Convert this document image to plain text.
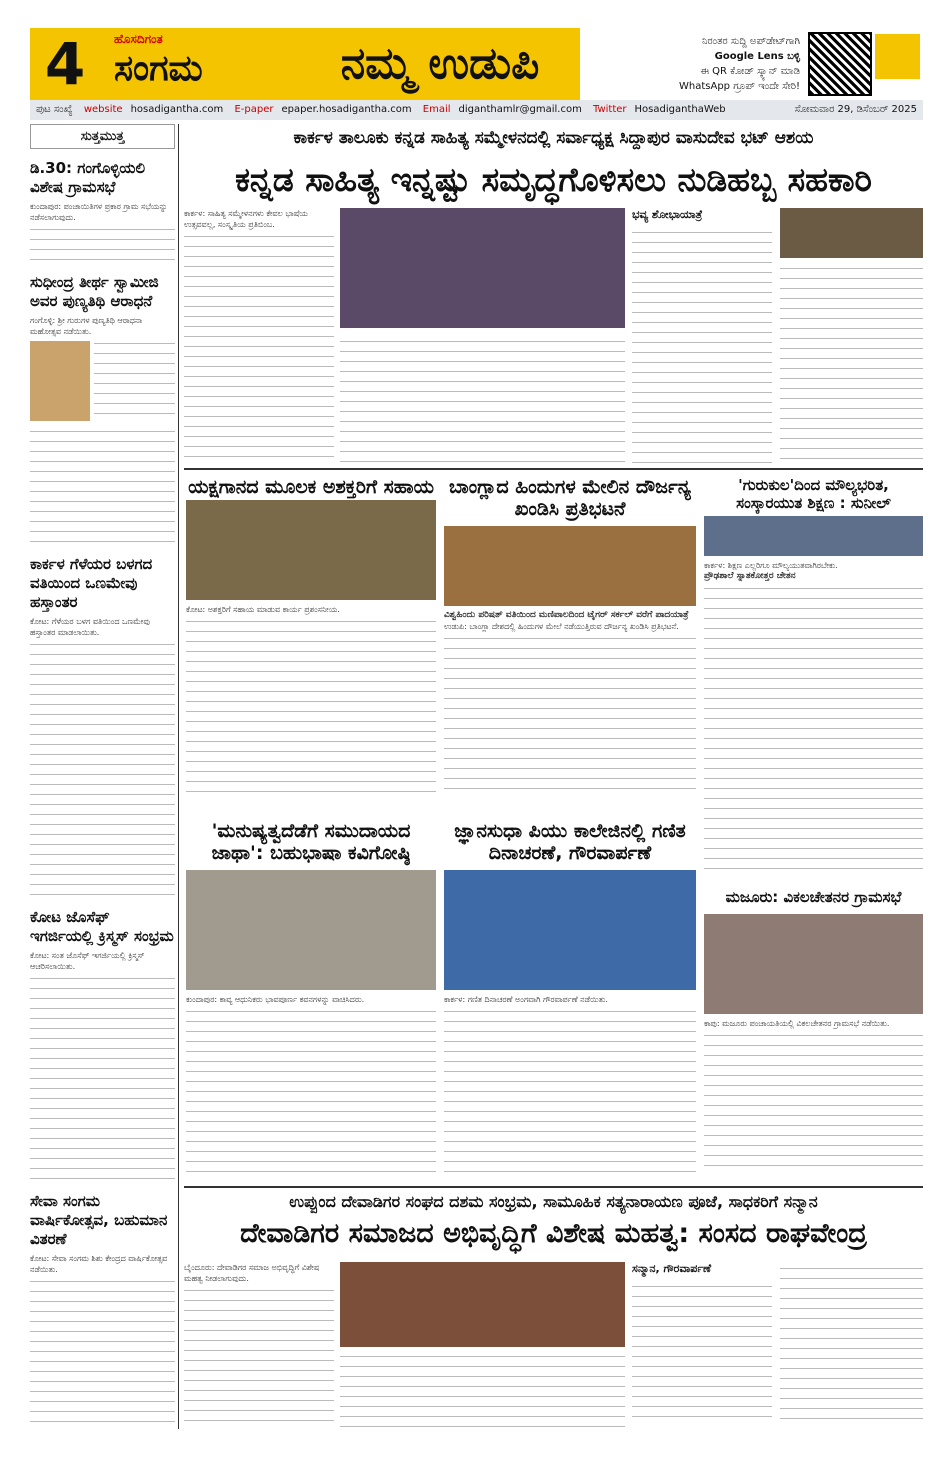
4	ಹೊಸದಿಗಂತ
ಸಂಗಮ	ನಮ್ಮ ಉಡುಪಿ	ನಿರಂತರ ಸುದ್ದಿ ಅಪ್‌ಡೇಟ್‌ಗಾಗಿ
Google Lens ಬಳ್ಳಿ
ಈ QR ಕೋಡ್ ಸ್ಕ್ಯಾನ್ ಮಾಡಿ
WhatsApp ಗ್ರೂಪ್ ಇಂದೇ ಸೇರಿ!
ಪುಟ ಸಂಖ್ಯೆ website hosadigantha.com E-paper epaper.hosadigantha.com Email diganthamlr@gmail.com Twitter HosadiganthaWeb	ಸೋಮವಾರ 29, ಡಿಸೆಂಬರ್ 2025
ಸುತ್ತಮುತ್ತ
ಡಿ.30: ಗಂಗೊಳ್ಳಿಯಲಿ ವಿಶೇಷ ಗ್ರಾಮಸಭೆ
ಕುಂದಾಪುರ: ಪಂಚಾಯಿತಿಗಳ ಪ್ರಕಾರ ಗ್ರಾಮ ಸಭೆಯನ್ನು ನಡೆಸಲಾಗುವುದು.
ಸುಧೀಂದ್ರ ತೀರ್ಥ ಸ್ವಾಮೀಜಿ ಅವರ ಪುಣ್ಯತಿಥಿ ಆರಾಧನೆ
ಗಂಗೊಳ್ಳಿ: ಶ್ರೀ ಗುರುಗಳ ಪುಣ್ಯತಿಥಿ ಆರಾಧನಾ ಮಹೋತ್ಸವ ನಡೆಯಿತು.
ಕಾರ್ಕಳ ಗೆಳೆಯರ ಬಳಗದ ವತಿಯಿಂದ ಒಣಮೇವು ಹಸ್ತಾಂತರ
ಕೋಟ: ಗೆಳೆಯರ ಬಳಗ ವತಿಯಿಂದ ಒಣಮೇವು ಹಸ್ತಾಂತರ ಮಾಡಲಾಯಿತು.
ಕೋಟ ಜೊಸೆಫ್ ಇಗರ್ಜಿಯಲ್ಲಿ ಕ್ರಿಸ್ಮಸ್ ಸಂಭ್ರಮ
ಕೋಟ: ಸಂತ ಜೊಸೆಫ್ ಇಗರ್ಜಿಯಲ್ಲಿ ಕ್ರಿಸ್ಮಸ್ ಆಚರಿಸಲಾಯಿತು.
ಸೇವಾ ಸಂಗಮ ವಾರ್ಷಿಕೋತ್ಸವ, ಬಹುಮಾನ ವಿತರಣೆ
ಕೋಟ: ಸೇವಾ ಸಂಗಮ ಶಿಶು ಕೇಂದ್ರದ ವಾರ್ಷಿಕೋತ್ಸವ ನಡೆಯಿತು.
ಕಾರ್ಕಳ ತಾಲೂಕು ಕನ್ನಡ ಸಾಹಿತ್ಯ ಸಮ್ಮೇಳನದಲ್ಲಿ ಸರ್ವಾಧ್ಯಕ್ಷ ಸಿದ್ದಾಪುರ ವಾಸುದೇವ ಭಟ್ ಆಶಯ
ಕನ್ನಡ ಸಾಹಿತ್ಯ ಇನ್ನಷ್ಟು ಸಮೃದ್ಧಗೊಳಿಸಲು ನುಡಿಹಬ್ಬ ಸಹಕಾರಿ
ಕಾರ್ಕಳ: ಸಾಹಿತ್ಯ ಸಮ್ಮೇಳನಗಳು ಕೇವಲ ಭಾಷೆಯ ಉತ್ಸವವಲ್ಲ, ಸಂಸ್ಕೃತಿಯ ಪ್ರತಿಬಿಂಬ.
ಭವ್ಯ ಶೋಭಾಯಾತ್ರೆ
ಯಕ್ಷಗಾನದ ಮೂಲಕ ಅಶಕ್ತರಿಗೆ ಸಹಾಯ
ಕೋಟ: ಅಶಕ್ತರಿಗೆ ಸಹಾಯ ಮಾಡುವ ಕಾರ್ಯ ಪ್ರಶಂಸನೀಯ.
ಬಾಂಗ್ಲಾದ ಹಿಂದುಗಳ ಮೇಲಿನ ದೌರ್ಜನ್ಯ ಖಂಡಿಸಿ ಪ್ರತಿಭಟನೆ
ವಿಶ್ವಹಿಂದು ಪರಿಷತ್ ವತಿಯಿಂದ ಮಣಿಪಾಲದಿಂದ ಟೈಗರ್ ಸರ್ಕಲ್ ವರೆಗೆ ಪಾದಯಾತ್ರೆ
ಉಡುಪಿ: ಬಾಂಗ್ಲಾ ದೇಶದಲ್ಲಿ ಹಿಂದುಗಳ ಮೇಲೆ ನಡೆಯುತ್ತಿರುವ ದೌರ್ಜನ್ಯ ಖಂಡಿಸಿ ಪ್ರತಿಭಟನೆ.
'ಗುರುಕುಲ'ದಿಂದ ಮೌಲ್ಯಭರಿತ, ಸಂಸ್ಕಾರಯುತ ಶಿಕ್ಷಣ : ಸುನೀಲ್
ಕಾರ್ಕಳ: ಶಿಕ್ಷಣ ಎಲ್ಲರಿಗೂ ಮೌಲ್ಯಯುತವಾಗಿರಬೇಕು.
ಪ್ರೌಢಶಾಲೆ ಸ್ನಾತಕೋತ್ತರ ಚೇತನ
'ಮನುಷ್ಯತ್ವದೆಡೆಗೆ ಸಮುದಾಯದ ಜಾಥಾ': ಬಹುಭಾಷಾ ಕವಿಗೋಷ್ಠಿ
ಕುಂದಾಪುರ: ಕಾವ್ಯ ಆಧುನಿಕರು ಭಾವಪೂರ್ಣ ಕವನಗಳನ್ನು ವಾಚಿಸಿದರು.
ಜ್ಞಾನಸುಧಾ ಪಿಯು ಕಾಲೇಜಿನಲ್ಲಿ ಗಣಿತ ದಿನಾಚರಣೆ, ಗೌರವಾರ್ಪಣೆ
ಕಾರ್ಕಳ: ಗಣಿತ ದಿನಾಚರಣೆ ಅಂಗವಾಗಿ ಗೌರವಾರ್ಪಣೆ ನಡೆಯಿತು.
ಮಜೂರು: ವಿಕಲಚೇತನರ ಗ್ರಾಮಸಭೆ
ಕಾಪು: ಮಜೂರು ಪಂಚಾಯತಿಯಲ್ಲಿ ವಿಕಲಚೇತನರ ಗ್ರಾಮಸಭೆ ನಡೆಯಿತು.
ಉಪ್ಪುಂದ ದೇವಾಡಿಗರ ಸಂಘದ ದಶಮ ಸಂಭ್ರಮ, ಸಾಮೂಹಿಕ ಸತ್ಯನಾರಾಯಣ ಪೂಜೆ, ಸಾಧಕರಿಗೆ ಸನ್ಮಾನ
ದೇವಾಡಿಗರ ಸಮಾಜದ ಅಭಿವೃದ್ಧಿಗೆ ವಿಶೇಷ ಮಹತ್ವ: ಸಂಸದ ರಾಘವೇಂದ್ರ
ಬೈಂದೂರು: ದೇವಾಡಿಗರ ಸಮಾಜ ಅಭಿವೃದ್ಧಿಗೆ ವಿಶೇಷ ಮಹತ್ವ ನೀಡಲಾಗುವುದು.
ಸನ್ಮಾನ, ಗೌರವಾರ್ಪಣೆ
